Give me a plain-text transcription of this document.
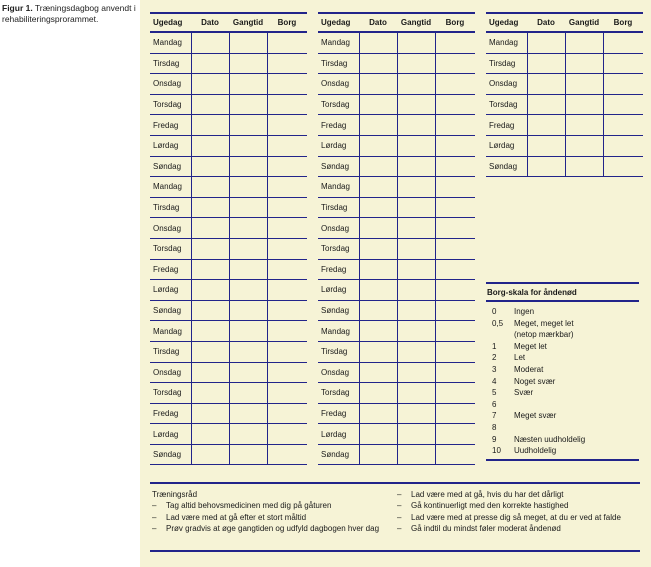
Figur 1. Træningsdagbog anvendt i rehabiliteringsprorammet.	Ugedag	Dato	Gangtid	Borg
Mandag
Tirsdag
Onsdag
Torsdag
Fredag
Lørdag
Søndag
Mandag
Tirsdag
Onsdag
Torsdag
Fredag
Lørdag
Søndag
Mandag
Tirsdag
Onsdag
Torsdag
Fredag
Lørdag
Søndag
Ugedag	Dato	Gangtid	Borg
Mandag
Tirsdag
Onsdag
Torsdag
Fredag
Lørdag
Søndag
Mandag
Tirsdag
Onsdag
Torsdag
Fredag
Lørdag
Søndag
Mandag
Tirsdag
Onsdag
Torsdag
Fredag
Lørdag
Søndag
Ugedag	Dato	Gangtid	Borg
Mandag
Tirsdag
Onsdag
Torsdag
Fredag
Lørdag
Søndag
Borg-skala for åndenød
0	Ingen
0,5	Meget, meget let
(netop mærkbar)
1	Meget let
2	Let
3	Moderat
4	Noget svær
5	Svær
6
7	Meget svær
8
9	Næsten uudholdelig
10	Uudholdelig
Træningsråd
–	Tag altid behovsmedicinen med dig på gåturen
–	Lad være med at gå efter et stort måltid
–	Prøv gradvis at øge gangtiden og udfyld dagbogen hver dag
–	Lad være med at gå, hvis du har det dårligt
–	Gå kontinuerligt med den korrekte hastighed
–	Lad være med at presse dig så meget, at du er ved at falde
–	Gå indtil du mindst føler moderat åndenød
